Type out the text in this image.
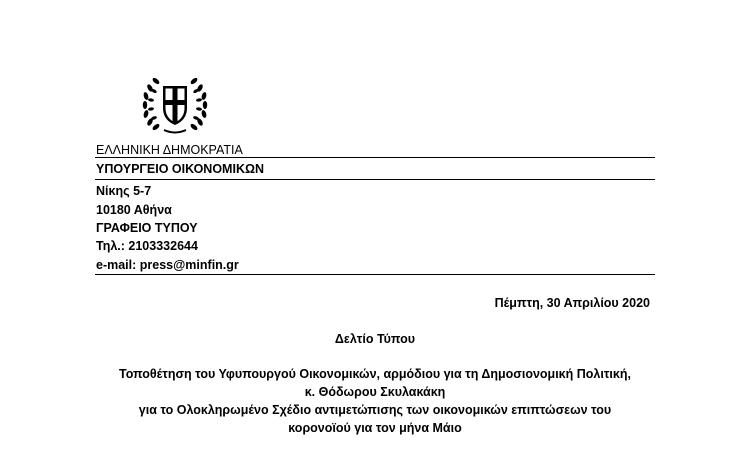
ΕΛΛΗΝΙΚΗ ΔΗΜΟΚΡΑΤΙΑ
ΥΠΟΥΡΓΕΙΟ ΟΙΚΟΝΟΜΙΚΩΝ
Νίκης 5-7
10180 Αθήνα
ΓΡΑΦΕΙΟ ΤΥΠΟΥ
Τηλ.: 2103332644
e-mail: press@minfin.gr
Πέμπτη, 30 Απριλίου 2020
Δελτίο Τύπου
Τοποθέτηση του Υφυπουργού Οικονομικών, αρμόδιου για τη Δημοσιονομική Πολιτική,
κ. Θόδωρου Σκυλακάκη
για το Ολοκληρωμένο Σχέδιο αντιμετώπισης των οικονομικών επιπτώσεων του
κορονοϊού για τον μήνα Μάιο
